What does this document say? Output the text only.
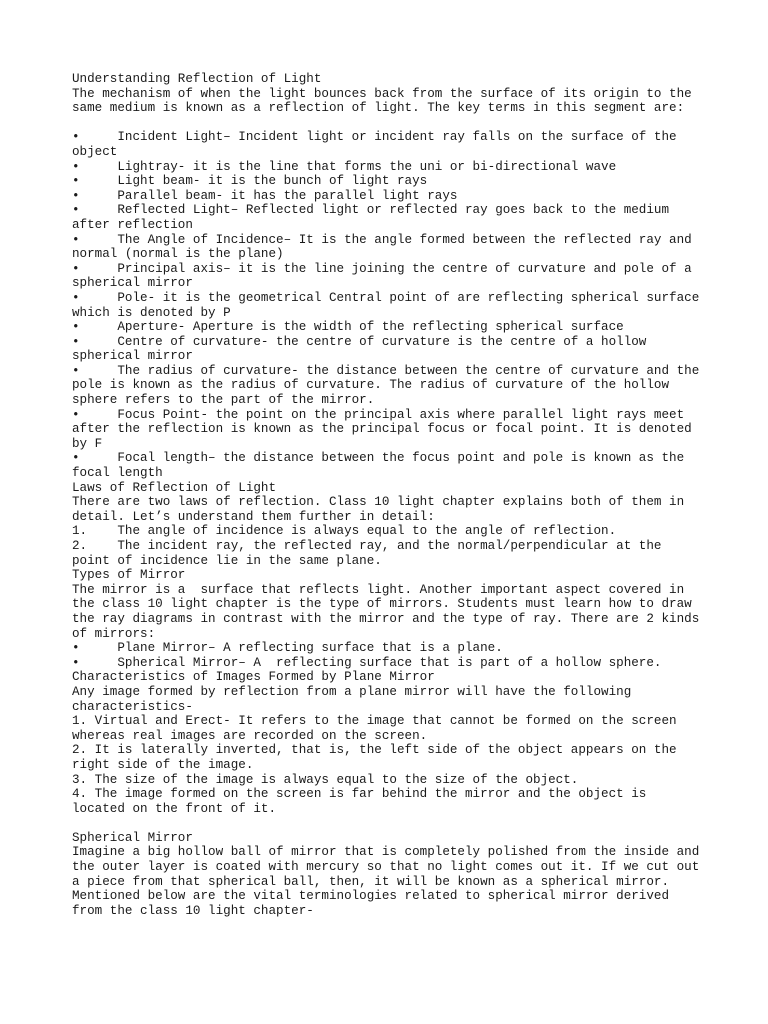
Understanding Reflection of Light
The mechanism of when the light bounces back from the surface of its origin to the
same medium is known as a reflection of light. The key terms in this segment are:
•     Incident Light– Incident light or incident ray falls on the surface of the
object
•     Lightray- it is the line that forms the uni or bi-directional wave
•     Light beam- it is the bunch of light rays
•     Parallel beam- it has the parallel light rays
•     Reflected Light– Reflected light or reflected ray goes back to the medium
after reflection
•     The Angle of Incidence– It is the angle formed between the reflected ray and
normal (normal is the plane)
•     Principal axis– it is the line joining the centre of curvature and pole of a
spherical mirror
•     Pole- it is the geometrical Central point of are reflecting spherical surface
which is denoted by P
•     Aperture- Aperture is the width of the reflecting spherical surface
•     Centre of curvature- the centre of curvature is the centre of a hollow
spherical mirror
•     The radius of curvature- the distance between the centre of curvature and the
pole is known as the radius of curvature. The radius of curvature of the hollow
sphere refers to the part of the mirror.
•     Focus Point- the point on the principal axis where parallel light rays meet
after the reflection is known as the principal focus or focal point. It is denoted
by F
•     Focal length– the distance between the focus point and pole is known as the
focal length
Laws of Reflection of Light
There are two laws of reflection. Class 10 light chapter explains both of them in
detail. Let’s understand them further in detail:
1.    The angle of incidence is always equal to the angle of reflection.
2.    The incident ray, the reflected ray, and the normal/perpendicular at the
point of incidence lie in the same plane.
Types of Mirror
The mirror is a  surface that reflects light. Another important aspect covered in
the class 10 light chapter is the type of mirrors. Students must learn how to draw
the ray diagrams in contrast with the mirror and the type of ray. There are 2 kinds
of mirrors:
•     Plane Mirror– A reflecting surface that is a plane.
•     Spherical Mirror– A  reflecting surface that is part of a hollow sphere.
Characteristics of Images Formed by Plane Mirror
Any image formed by reflection from a plane mirror will have the following
characteristics-
1. Virtual and Erect- It refers to the image that cannot be formed on the screen
whereas real images are recorded on the screen.
2. It is laterally inverted, that is, the left side of the object appears on the
right side of the image.
3. The size of the image is always equal to the size of the object.
4. The image formed on the screen is far behind the mirror and the object is
located on the front of it.
Spherical Mirror
Imagine a big hollow ball of mirror that is completely polished from the inside and
the outer layer is coated with mercury so that no light comes out it. If we cut out
a piece from that spherical ball, then, it will be known as a spherical mirror.
Mentioned below are the vital terminologies related to spherical mirror derived
from the class 10 light chapter-
